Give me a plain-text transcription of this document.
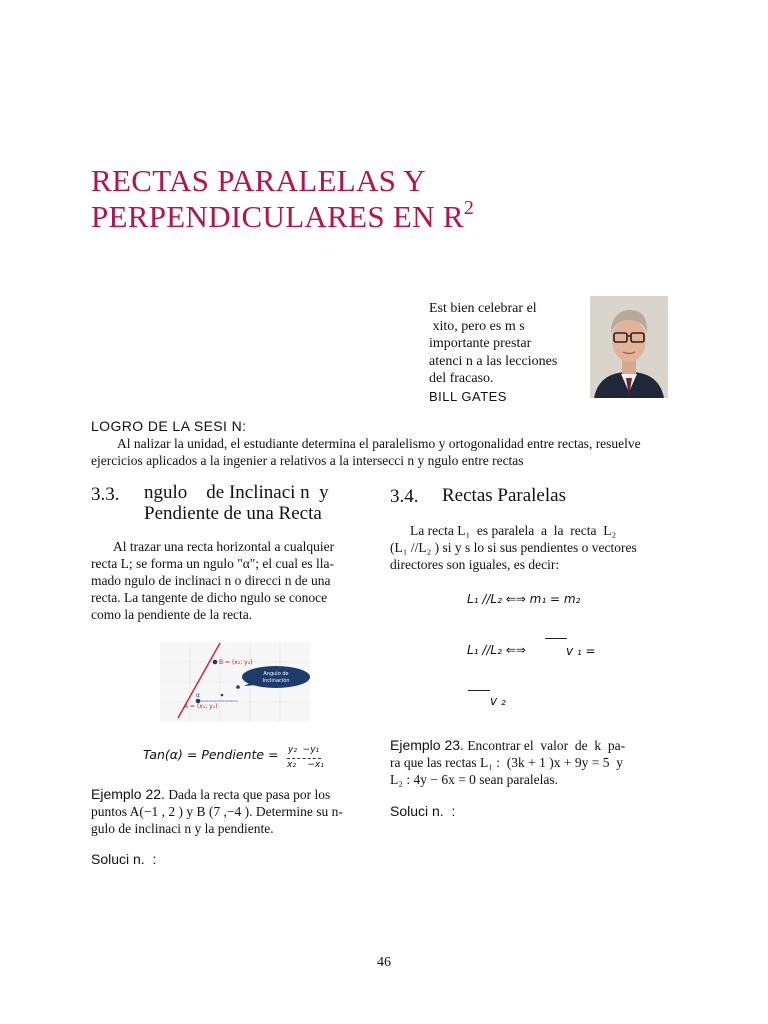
RECTAS PARALELAS Y
PERPENDICULARES EN $R^2$
Est bien celebrar el
xito, pero es m s
importante prestar
atenci n a las lecciones
del fracaso.
BILL GATES
LOGRO DE LA SESI N:
Al nalizar la unidad, el estudiante determina el paralelismo y ortogonalidad entre rectas, resuelve ejercicios aplicados a la ingenier a relativos a la intersecci n y ngulo entre rectas
3.3. ngulo    de Inclinaci n  y
Pendiente de una Recta
Al trazar una recta horizontal a cualquier
recta L; se forma un ngulo "α"; el cual es lla-
mado ngulo de inclinaci n o direcci n de una
recta. La tangente de dicho ngulo se conoce
como la pendiente de la recta.
B = (x₂; y₂)
A = (x₁; y₁)
α
Angulo de
Inclinación
Tan(α) = Pendiente = y₂  −y₁
x₂    −x₁
Ejemplo 22. Dada la recta que pasa por los
puntos A(−1 , 2 ) y B (7 ,−4 ). Determine su n-
gulo de inclinaci n y la pendiente.
Soluci n.  :
3.4. Rectas Paralelas
La recta L₁  es paralela  a  la  recta  L₂
(L₁ //L₂ ) si y s lo si sus pendientes o vectores
directores son iguales, es decir:
L₁ //L₂ ⇐⇒ m₁ = m₂
L₁ //L₂ ⇐⇒	v ₁ =
v ₂
Ejemplo 23. Encontrar el  valor  de  k  pa-
ra que las rectas L₁ :  (3k + 1 )x + 9y = 5  y
L₂ : 4y − 6x = 0 sean paralelas.
Soluci n.  :
46
